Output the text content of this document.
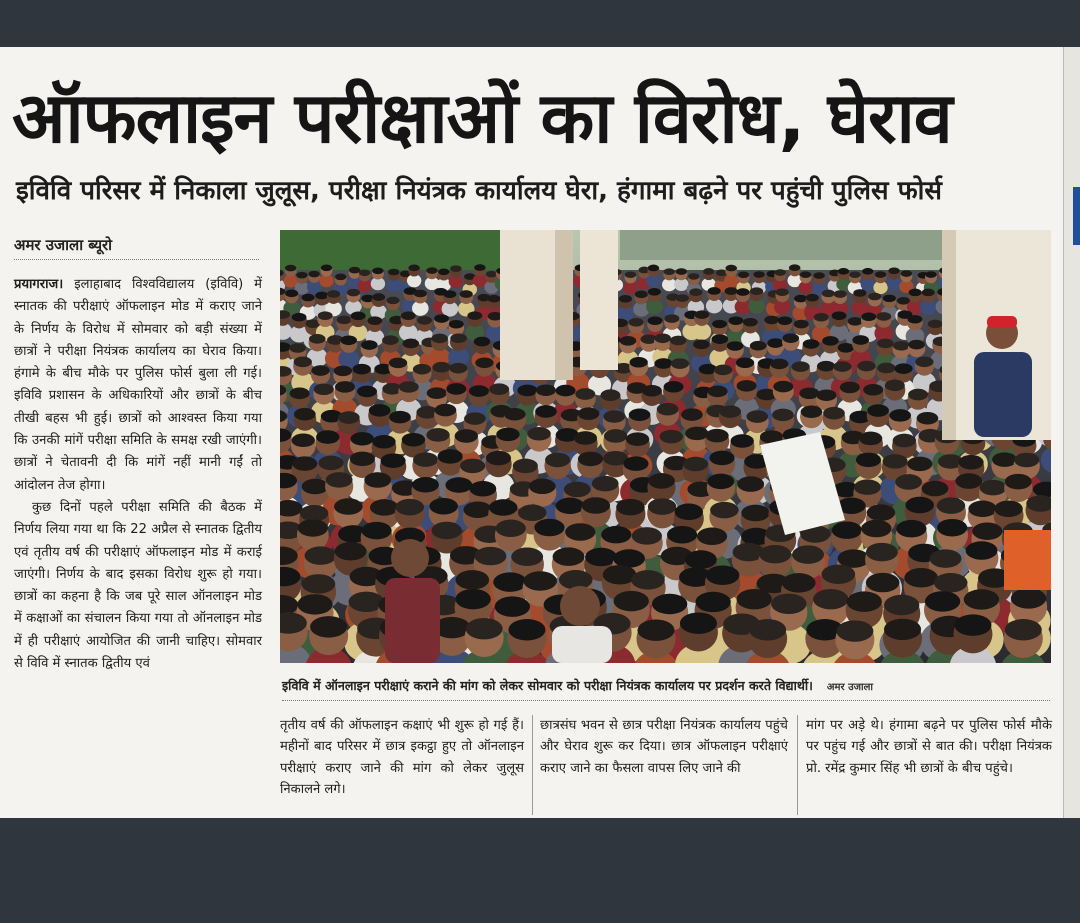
ऑफलाइन परीक्षाओं का विरोध, घेराव
इविवि परिसर में निकाला जुलूस, परीक्षा नियंत्रक कार्यालय घेरा, हंगामा बढ़ने पर पहुंची पुलिस फोर्स
अमर उजाला ब्यूरो

प्रयागराज। इलाहाबाद विश्वविद्यालय (इविवि) में स्नातक की परीक्षाएं ऑफलाइन मोड में कराए जाने के निर्णय के विरोध में सोमवार को बड़ी संख्या में छात्रों ने परीक्षा नियंत्रक कार्यालय का घेराव किया। हंगामे के बीच मौके पर पुलिस फोर्स बुला ली गई। इविवि प्रशासन के अधिकारियों और छात्रों के बीच तीखी बहस भी हुई। छात्रों को आश्वस्त किया गया कि उनकी मांगें परीक्षा समिति के समक्ष रखी जाएंगी। छात्रों ने चेतावनी दी कि मांगें नहीं मानी गईं तो आंदोलन तेज होगा।

कुछ दिनों पहले परीक्षा समिति की बैठक में निर्णय लिया गया था कि 22 अप्रैल से स्नातक द्वितीय एवं तृतीय वर्ष की परीक्षाएं ऑफलाइन मोड में कराई जाएंगी। निर्णय के बाद इसका विरोध शुरू हो गया। छात्रों का कहना है कि जब पूरे साल ऑनलाइन मोड में कक्षाओं का संचालन किया गया तो ऑनलाइन मोड में ही परीक्षाएं आयोजित की जानी चाहिए। सोमवार से विवि में स्नातक द्वितीय एवं

इविवि में ऑनलाइन परीक्षाएं कराने की मांग को लेकर सोमवार को परीक्षा नियंत्रक कार्यालय पर प्रदर्शन करते विद्यार्थी। अमर उजाला
तृतीय वर्ष की ऑफलाइन कक्षाएं भी शुरू हो गई हैं। महीनों बाद परिसर में छात्र इकट्ठा हुए तो ऑनलाइन परीक्षाएं कराए जाने की मांग को लेकर जुलूस निकालने लगे।
छात्रसंघ भवन से छात्र परीक्षा नियंत्रक कार्यालय पहुंचे और घेराव शुरू कर दिया। छात्र ऑफलाइन परीक्षाएं कराए जाने का फैसला वापस लिए जाने की
मांग पर अड़े थे। हंगामा बढ़ने पर पुलिस फोर्स मौके पर पहुंच गई और छात्रों से बात की। परीक्षा नियंत्रक प्रो. रमेंद्र कुमार सिंह भी छात्रों के बीच पहुंचे।
